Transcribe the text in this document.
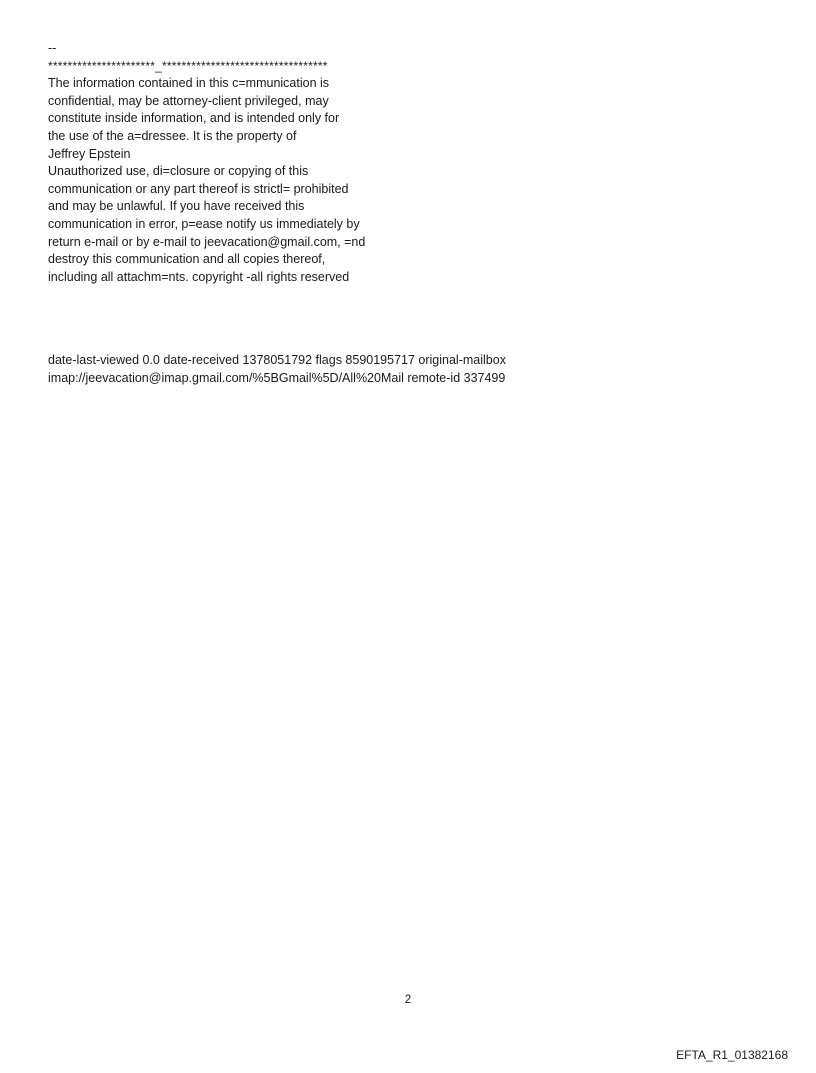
--
**********************_**********************************
The information contained in this c=mmunication is
confidential, may be attorney-client privileged, may
constitute inside information, and is intended only for
the use of the a=dressee. It is the property of
Jeffrey Epstein
Unauthorized use, di=closure or copying of this
communication or any part thereof is strictl= prohibited
and may be unlawful. If you have received this
communication in error, p=ease notify us immediately by
return e-mail or by e-mail to jeevacation@gmail.com, =nd
destroy this communication and all copies thereof,
including all attachm=nts. copyright -all rights reserved
date-last-viewed 0.0 date-received 1378051792 flags 8590195717 original-mailbox
imap://jeevacation@imap.gmail.com/%5BGmail%5D/All%20Mail remote-id 337499
2
EFTA_R1_01382168
